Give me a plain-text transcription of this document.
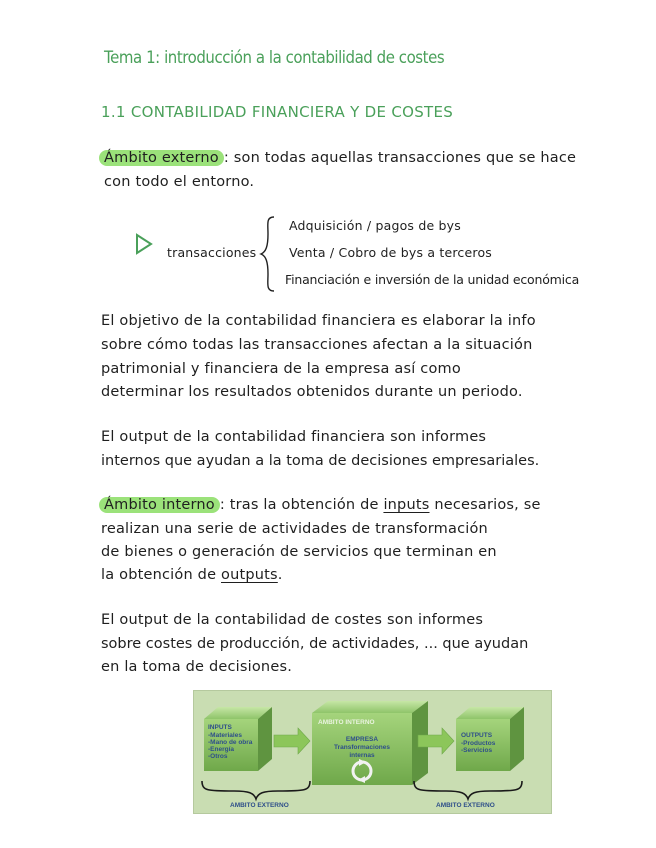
Tema 1: introducción a la contabilidad de costes
1.1 CONTABILIDAD FINANCIERA Y DE COSTES
Ámbito externo : son todas aquellas transacciones que se hace
con todo el entorno.
transacciones
Adquisición / pagos de bys
Venta / Cobro de bys a terceros
Financiación e inversión de la unidad económica
El objetivo de la contabilidad financiera es elaborar la info
sobre cómo todas las transacciones afectan a la situación
patrimonial y financiera de la empresa así como
determinar los resultados obtenidos durante un periodo.
El output de la contabilidad financiera son informes
internos que ayudan a la toma de decisiones empresariales.
Ámbito interno : tras la obtención de inputs necesarios, se
realizan una serie de actividades de transformación
de bienes o generación de servicios que terminan en
la obtención de outputs.
El output de la contabilidad de costes son informes
sobre costes de producción, de actividades, ... que ayudan
en la toma de decisiones.
INPUTS
-Materiales
-Mano de obra
-Energía
-Otros
AMBITO INTERNO
EMPRESA
Transformaciones
internas
OUTPUTS
-Productos
-Servicios
AMBITO EXTERNO	AMBITO EXTERNO
